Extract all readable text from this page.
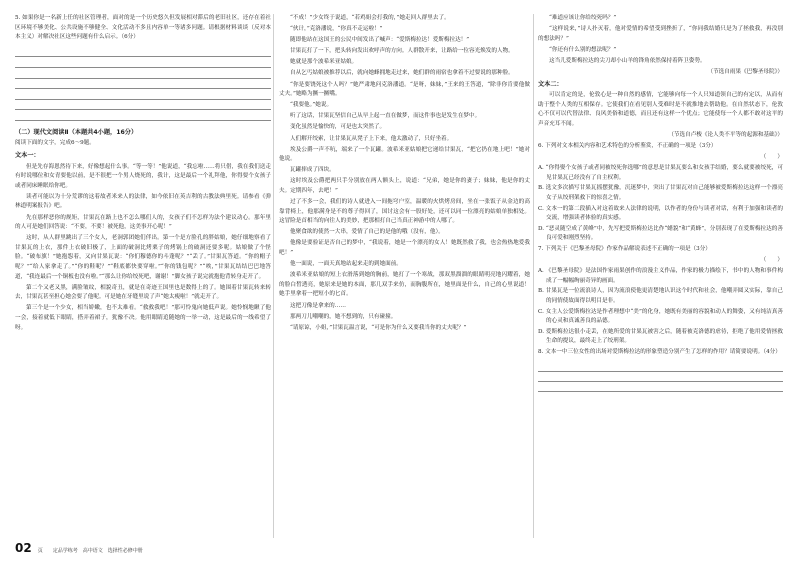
5. 如果你是一名新上任的社区管理者，面对的是一个历史悠久但发展相对滞后的老旧社区，还存在着社区环境不够美化、公共设施不够健全、文化活动不多且内容单一等诸多问题。请根据材料谈谈（反对本本主义）对解决社区这些问题有什么启示。（6分）

（二）现代文阅读Ⅱ（本题共4小题，16分）

阅读下面的文字，完成6～9题。

文本一：

但是先存海恩然待下来，好像想起什么事。“等一等！”他说道，“我忘啦……将只借，我在我们送走有时说哪位和女青要他以前，是不很把一个男人烧死的，我计，这是最后一个礼拜他，你得要个女孩子或者同床睡眠给你吧。

读者可能以为十分荒谬的这着故者米来人的法律，如今依旧在英吉利的古教法典里死。请参看《弹林道明案报告》吧。

先在那样恶你的规矩，甘果瓦在路上也不怎么哪们人的，女孩子们不怎样为法个建议动心。那年里的人可是她们回答说：“不要，不要！被死他，这美事开心呢！”

这时，从人群里跳出了三个女人，老洞郭团她们伴出。第一个是方脸孔的胖姑娘，她仔细地察看了甘果瓦的上衣，那件上衣破旧极了，上面的破洞比烤栗子的烤锅上的破洞还要多呢。姑娘做了个怪脸。“破布旗！”她抱怨着，又向甘果瓦说：“你们穆德你的斗蓬呢？”“丢了。”甘果瓦答道。“你的帽子呢？”“给人家拿走了。”“你的鞋呢？”“鞋底都快要穿啦。”“你的钱包呢？”“唉，”甘果瓦结结巴巴地答道，“我连最后一个铜板也没有啦。”“那么让你给绞死吧，谢谢！”脚女孩子说完就抱他背转身走开了。

第二个又老又黑，满脸皱纹，相貌奇丑，就是在奇迹王国里也是数得上的了。她围着甘果瓦转来转去，甘果瓦甚至担心她会要了他呢。可是她在牙缝里说了声“她太瘦啦！”就走开了。

第三个是一个少女，相当娇嫩，也不太难看。“救救我吧！”那可怜鬼向她低声说。她怜悯地瞅了他一会，接着就低下眼睛，搭弄着裙子，犹豫不决。他用眼睛追随她的一举一动，这是最后的一线希望了呀。

“不成！”少女终于说道，“若鸡姐会打我的，”她走回人群里去了。

“伙计，”克洛潘说，“你真不走运啦！”

随即他站在这国王的公民中间发出了喊声：“爱斯梅拉达！爱斯梅拉达！”

甘果瓦打了一下，把头转向发出欢呼声的方向。人群散开来，让路给一位容光焕发的人物。

她就是那个波希米亚姑娘。

自从乞丐姑娘被推荐以后，就向她蜂拥地走过来，她们群的雨宿也拿着不过要说的那种脸。

“你是要饶死这个人吗？”她严肃地问克洛潘道。“是呀，妹妹，”王来的王答道，“除非你肯要他做丈夫。”她略为撅一撅嘴。

“我要他。”她说。

听了这话，甘果瓦坚信自己从早上起一直在做梦，而这件事也是发生在梦中。

变化虽然是愉快的，可是也太突然了。

人们解开绞索，让甘果瓦从凳子上下来，他太激动了，只好坐着。

埃及公爵一声不吭，端来了一个瓦罐。波希米亚姑娘把它递给甘果瓦，“把它扔在地上吧！”她对他说。

瓦罐摔成了四块。

这时埃及公爵把两只手分别放在两人额头上，说道：“兄弟，她是你的妻子；妹妹，他是你的丈夫。定期四年，去吧！”

过了不多一会，我们的诗人就进入一间拖穹户室，温暖的火烘烤房间，坐在一张饭子从金边的高靠背椅上，他那满身是不的尊子得回了，国讨这会有一股好处，还可以同一位漂亮的姑娘单独相处。这冒险是首相当的向往人的美妙，把那相打自己当真正神游中的人哪了。

他聚食欲的使然一大串，爱情了自己的是他的哦（没有，他）。

他像是要验证是否自己的梦中，“我说着，她是一个漂亮的女人！她既然救了我，也会热热地爱我吧！”

他一面说，一面天真地站起来走的到她面前。

波希米亚姑娘的短上衣滑落到她的胸前，她打了一个寒战，那双黑溜溜的眼睛明亮地闪耀着，她的脸白皙透亮，她原来是她的本面，那几双手来仿，而胸腹所在，她里面是什么，自己的心里说道！她手里拿着一把短小的匕首。

这把刀像是拿来的……

那两刀儿嘲嘲的，她不想到的，只有碰撞。

“请原谅，小姐，”甘果瓦温言说，“可是你为什么又要我当你的丈夫呢？”

“难道应该让你给绞死吗？”

“这样说来，”诗人扑灭着，他对爱情的希望受到挫折了，“你同我结婚只是为了拯救我，再没别的想法吗？”

“你还有什么别的想法呢？”

这当儿爱斯梅拉达的尖刀却小山羊的锋角依然保持着阵卫姿势。

（节选自雨果《巴黎圣母院》）

文本二：

可以肯定的是，伦敦心是一种自然的感情，它能够向每一个人只知道领自己的有定以，从而有助于整个人类的互相保存。它使我们在看见别人受难时是不就推地去帮助他。在自然状态下，伦敦心不仅可以代替法律、良风美俗和道德，而且还有这样一个优点；它能使每一个人都不敢对这平的声音充耳不闻。

（节选自卢梭《论人类不平等的起源和基础》）

6. 下列对文本相关内容和艺术特色的分析鉴赏，不正确的一项是（3分）

（　　）

A. “你得娶个女孩子或者同被绞死你选哪”的意思是甘果瓦要么和女孩手结婚，要么就要被绞死，可见甘果瓦已经没有了自主权利。

B. 选文多次描写甘果瓦摇摆犹豫，沉迷梦中，突出了甘果瓦对自己能够被爱斯梅拉达这样一个漂亮女子从绞刑架救下的惊喜之情。

C. 文本一的第二段插入对这着故来人法律的说明，以作者的身份与读者对话，有利于加强和读者的交流，增强读者体验的真实感。

D. “恶灵随空成了黄峰”中，先写把爱斯梅拉达比作“蜡貌”和“黄蜂”，分别表现了在爱斯梅拉达的善良可爱和刚烈坚持。

7. 下列关于《巴黎圣母院》作家作品解说表述不正确的一项是（3分）

（　　）

A. 《巴黎圣母院》是法国作家雨果创作的浪漫主义作品，作家的极力描绘下，书中的人物和事件构成了一幅幅绚丽奇异的画面。

B. 甘果瓦是一位流浪诗人，因为流浪使他更清楚地认识这个时代和社会，他嘲弄圆又实际，靠自己的同情使故面得以明目是非。

C. 女主人公爱斯梅拉达是作者理想中“美”的化身，她既有美丽的容貌和动人的舞姿，又有纯洁真善的心灵和真诚善良的品德。

D. 爱斯梅拉达很小走丢，在她所爱的甘果瓦被害之后，随着被克洛德的虐待，拒绝了他用爱情拯救生命的提议，最终走上了绞刑架。

8. 文本一中三位女性的出场对爱斯梅拉达的形象塑造分别产生了怎样的作用？请简要说明。（4分）

02 页　　定品学练考　高中语文　选择性必修中册
